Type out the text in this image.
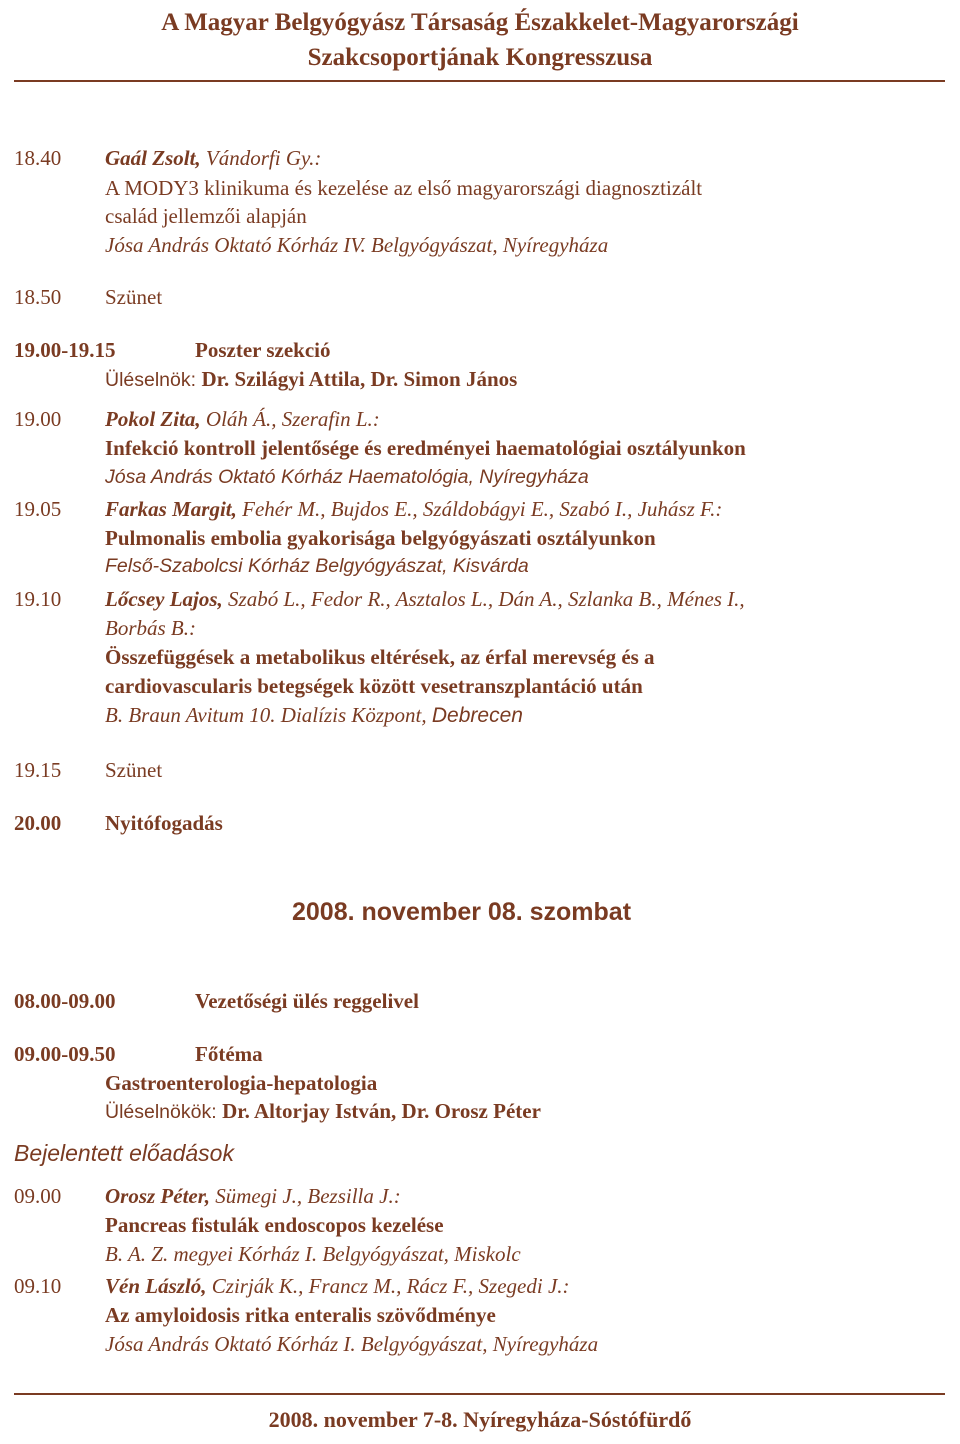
A Magyar Belgyógyász Társaság Északkelet-Magyarországi
Szakcsoportjának Kongresszusa
18.40 Gaál Zsolt, Vándorfi Gy.:
A MODY3 klinikuma és kezelése az első magyarországi diagnosztizált
család jellemzői alapján
Jósa András Oktató Kórház IV. Belgyógyászat, Nyíregyháza
18.50 Szünet
19.00-19.15	Poszter szekció
Üléselnök: Dr. Szilágyi Attila, Dr. Simon János
19.00 Pokol Zita, Oláh Á., Szerafin L.:
Infekció kontroll jelentősége és eredményei haematológiai osztályunkon
Jósa András Oktató Kórház Haematológia, Nyíregyháza
19.05 Farkas Margit, Fehér M., Bujdos E., Száldobágyi E., Szabó I., Juhász F.:
Pulmonalis embolia gyakorisága belgyógyászati osztályunkon
Felső-Szabolcsi Kórház Belgyógyászat, Kisvárda
19.10 Lőcsey Lajos, Szabó L., Fedor R., Asztalos L., Dán A., Szlanka B., Ménes I.,
Borbás B.:
Összefüggések a metabolikus eltérések, az érfal merevség és a
cardiovascularis betegségek között vesetranszplantáció után
B. Braun Avitum 10. Dialízis Központ, Debrecen
19.15 Szünet
20.00 Nyitófogadás
2008. november 08. szombat
08.00-09.00	Vezetőségi ülés reggelivel
09.00-09.50	Főtéma
Gastroenterologia-hepatologia
Üléselnökök: Dr. Altorjay István, Dr. Orosz Péter
Bejelentett előadások
09.00 Orosz Péter, Sümegi J., Bezsilla J.:
Pancreas fistulák endoscopos kezelése
B. A. Z. megyei Kórház I. Belgyógyászat, Miskolc
09.10 Vén László, Czirják K., Francz M., Rácz F., Szegedi J.:
Az amyloidosis ritka enteralis szövődménye
Jósa András Oktató Kórház I. Belgyógyászat, Nyíregyháza
2008. november 7-8. Nyíregyháza-Sóstófürdő
